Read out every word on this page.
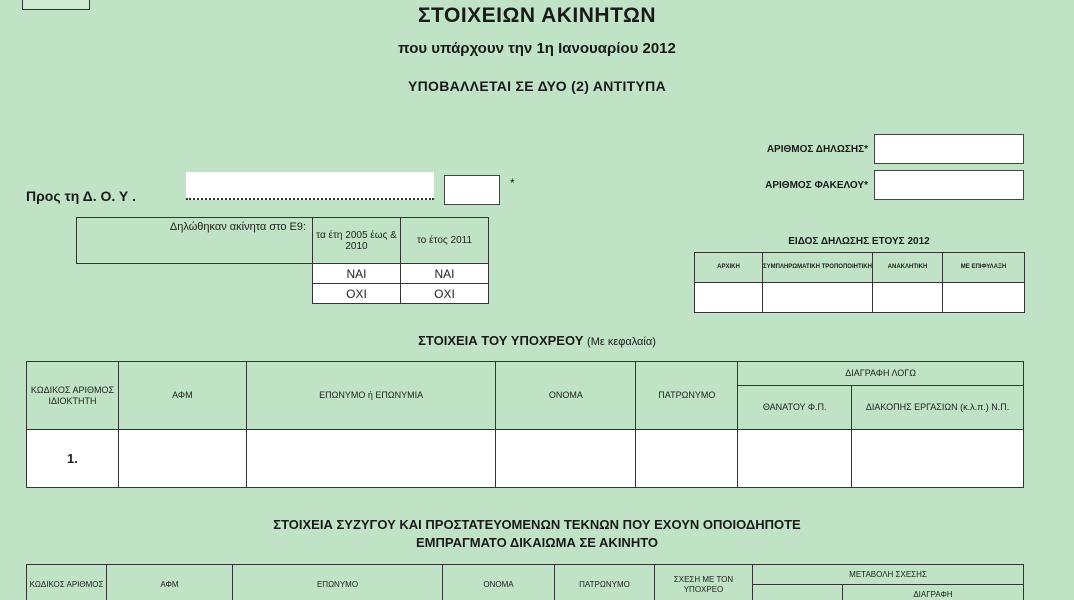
ΣΤΟΙΧΕΙΩΝ ΑΚΙΝΗΤΩΝ
που υπάρχουν την 1η Ιανουαρίου 2012
ΥΠΟΒΑΛΛΕΤΑΙ ΣΕ ΔΥΟ (2) ΑΝΤΙΤΥΠΑ
ΑΡΙΘΜΟΣ ΔΗΛΩΣΗΣ*
ΑΡΙΘΜΟΣ ΦΑΚΕΛΟΥ*
Προς τη Δ. Ο. Υ .
*
Δηλώθηκαν ακίνητα στο Ε9:	τα έτη 2005 έως & 2010	το έτος 2011
	ΝΑΙ	ΝΑΙ
	ΟΧΙ	ΟΧΙ
ΕΙΔΟΣ ΔΗΛΩΣΗΣ ΕΤΟΥΣ 2012
ΑΡΧΙΚΗ	ΣΥΜΠΛΗΡΩΜΑΤΙΚΗ ΤΡΟΠΟΠΟΙΗΤΙΚΗ	ΑΝΑΚΛΗΤΙΚΗ	ΜΕ ΕΠΙΦΥΛΑΞΗ

ΣΤΟΙΧΕΙΑ ΤΟΥ ΥΠΟΧΡΕΟΥ (Με κεφαλαία)
ΚΩΔΙΚΟΣ ΑΡΙΘΜΟΣ ΙΔΙΟΚΤΗΤΗ	ΑΦΜ	ΕΠΩΝΥΜΟ ή ΕΠΩΝΥΜΙΑ	ΟΝΟΜΑ	ΠΑΤΡΩΝΥΜΟ	ΔΙΑΓΡΑΦΗ ΛΟΓΩ	
					ΘΑΝΑΤΟΥ Φ.Π.	ΔΙΑΚΟΠΗΣ ΕΡΓΑΣΙΩΝ (κ.λ.π.) Ν.Π.
1.						
ΣΤΟΙΧΕΙΑ ΣΥΖΥΓΟΥ ΚΑΙ ΠΡΟΣΤΑΤΕΥΟΜΕΝΩΝ ΤΕΚΝΩΝ ΠΟΥ ΕΧΟΥΝ ΟΠΟΙΟΔΗΠΟΤΕ
ΕΜΠΡΑΓΜΑΤΟ ΔΙΚΑΙΩΜΑ ΣΕ ΑΚΙΝΗΤΟ
ΚΩΔΙΚΟΣ ΑΡΙΘΜΟΣ	ΑΦΜ	ΕΠΩΝΥΜΟ	ΟΝΟΜΑ	ΠΑΤΡΩΝΥΜΟ	ΣΧΕΣΗ ΜΕ ΤΟΝ ΥΠΟΧΡΕΟ	ΜΕΤΑΒΟΛΗ ΣΧΕΣΗΣ	
							ΔΙΑΓΡΑΦΗ
